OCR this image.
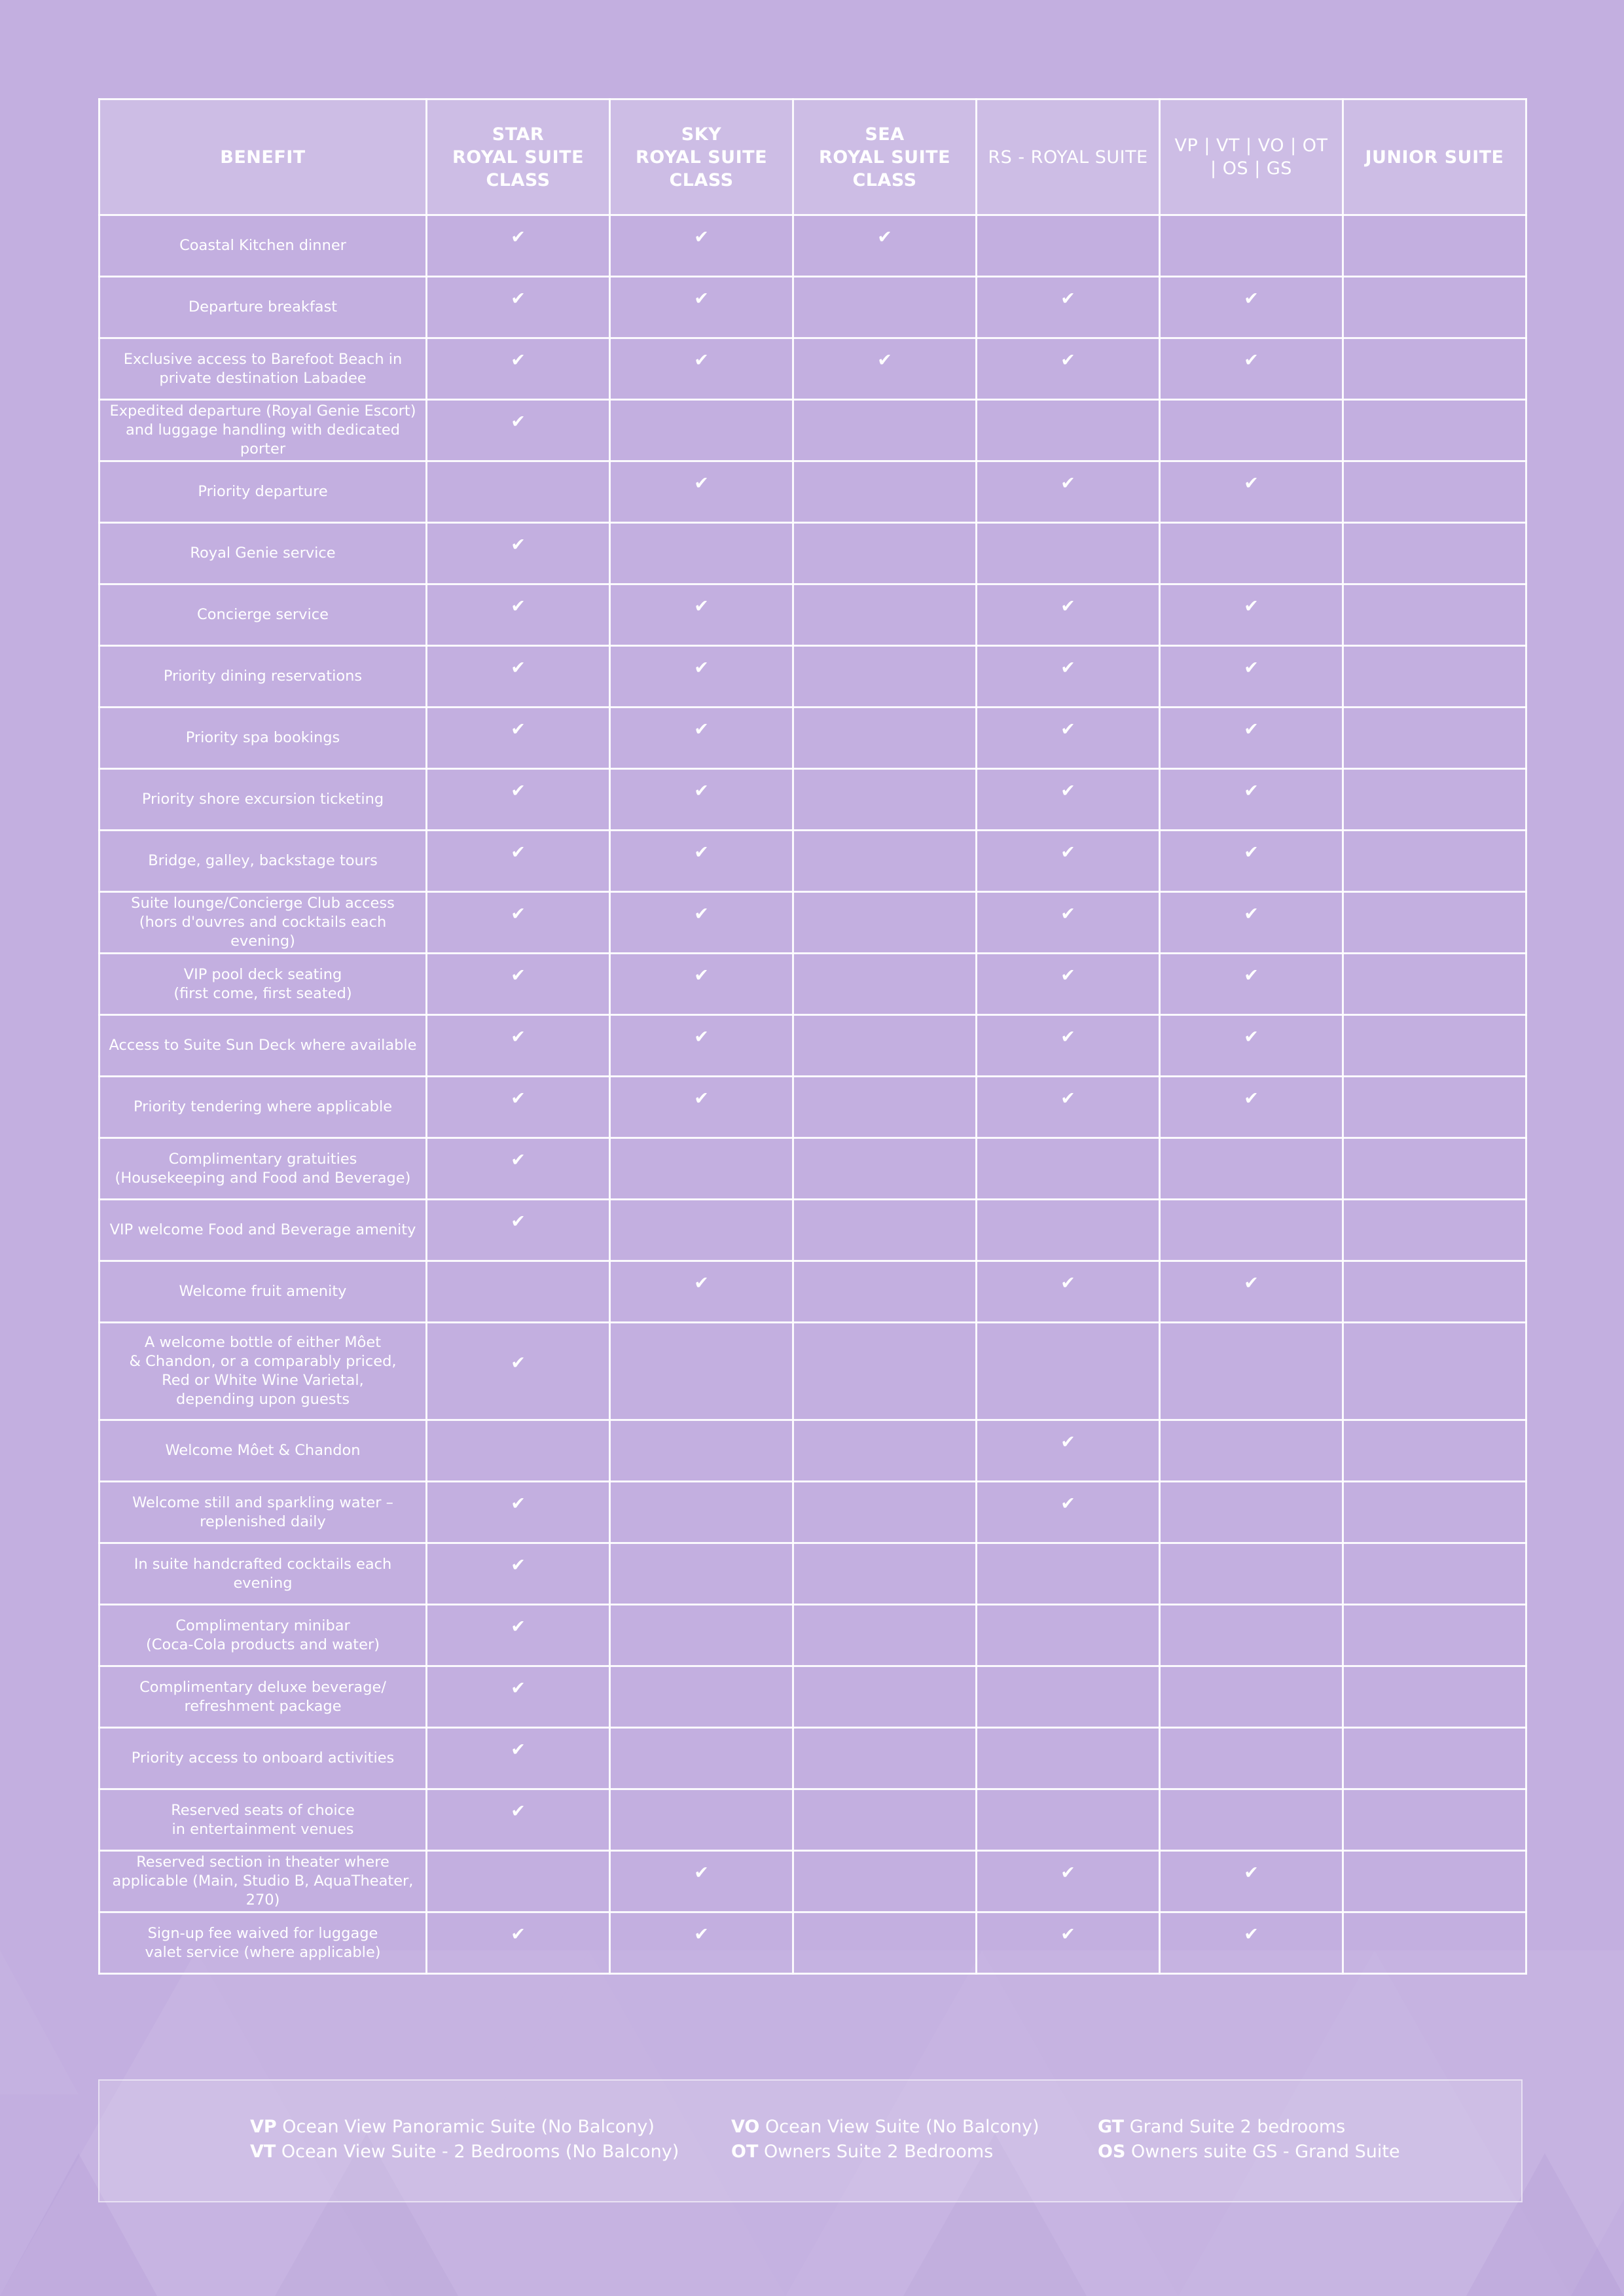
BENEFIT	STAR
ROYAL SUITE
CLASS	SKY
ROYAL SUITE
CLASS	SEA
ROYAL SUITE
CLASS	RS - ROYAL SUITE	VP | VT | VO | OT
| OS | GS	JUNIOR SUITE

Coastal Kitchen dinner	✔	✔	✔			

Departure breakfast	✔	✔		✔	✔	

Exclusive access to Barefoot Beach in
private destination Labadee	✔	✔	✔	✔	✔	

Expedited departure (Royal Genie Escort)
and luggage handling with dedicated porter	✔					

Priority departure		✔		✔	✔	

Royal Genie service	✔					

Concierge service	✔	✔		✔	✔	

Priority dining reservations	✔	✔		✔	✔	

Priority spa bookings	✔	✔		✔	✔	

Priority shore excursion ticketing	✔	✔		✔	✔	

Bridge, galley, backstage tours	✔	✔		✔	✔	

Suite lounge/Concierge Club access
(hors d'ouvres and cocktails each evening)	✔	✔		✔	✔	

VIP pool deck seating
(first come, first seated)	✔	✔		✔	✔	

Access to Suite Sun Deck where available	✔	✔		✔	✔	

Priority tendering where applicable	✔	✔		✔	✔	

Complimentary gratuities
(Housekeeping and Food and Beverage)	✔					

VIP welcome Food and Beverage amenity	✔					

Welcome fruit amenity		✔		✔	✔	

A welcome bottle of either Môet
& Chandon, or a comparably priced,
Red or White Wine Varietal,
depending upon guests	✔					

Welcome Môet & Chandon				✔		

Welcome still and sparkling water –
replenished daily	✔			✔		

In suite handcrafted cocktails each evening	✔					

Complimentary minibar
(Coca-Cola products and water)	✔					

Complimentary deluxe beverage/
refreshment package	✔					

Priority access to onboard activities	✔					

Reserved seats of choice
in entertainment venues	✔					

Reserved section in theater where
applicable (Main, Studio B, AquaTheater, 270)		✔		✔	✔	

Sign-up fee waived for luggage
valet service (where applicable)	✔	✔		✔	✔	
VP Ocean View Panoramic Suite (No Balcony)
VT Ocean View Suite - 2 Bedrooms (No Balcony)
VO Ocean View Suite (No Balcony)
OT Owners Suite 2 Bedrooms
GT Grand Suite 2 bedrooms
OS Owners suite GS - Grand Suite
